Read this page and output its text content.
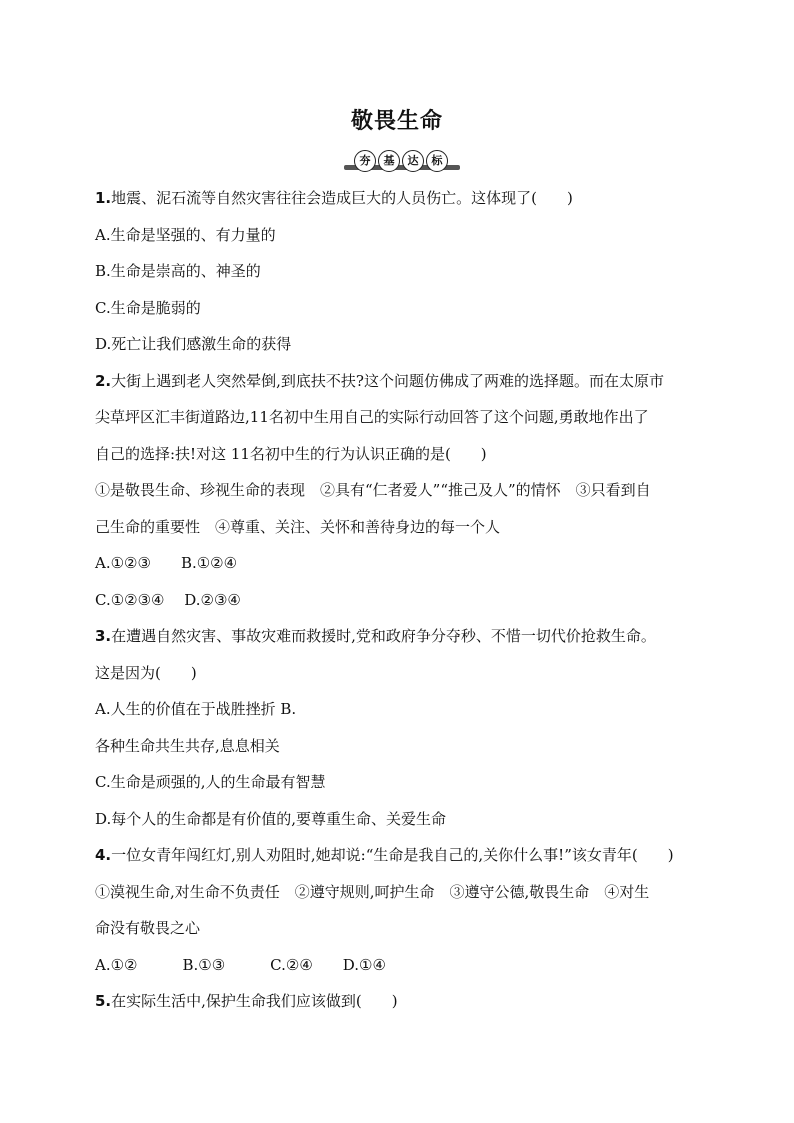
敬畏生命
夯	基	达	标
1.地震、泥石流等自然灾害往往会造成巨大的人员伤亡。这体现了(　　)
A.生命是坚强的、有力量的
B.生命是崇高的、神圣的
C.生命是脆弱的
D.死亡让我们感激生命的获得
2.大街上遇到老人突然晕倒,到底扶不扶?这个问题仿佛成了两难的选择题。而在太原市
尖草坪区汇丰街道路边,11名初中生用自己的实际行动回答了这个问题,勇敢地作出了
自己的选择:扶!对这 11名初中生的行为认识正确的是(　　)
①是敬畏生命、珍视生命的表现　②具有“仁者爱人”“推己及人”的情怀　③只看到自
己生命的重要性　④尊重、关注、关怀和善待身边的每一个人
A.①②③　　B.①②④
C.①②③④　 D.②③④
3.在遭遇自然灾害、事故灾难而救援时,党和政府争分夺秒、不惜一切代价抢救生命。
这是因为(　　)
A.人生的价值在于战胜挫折 B.
各种生命共生共存,息息相关
C.生命是顽强的,人的生命最有智慧
D.每个人的生命都是有价值的,要尊重生命、关爱生命
4.一位女青年闯红灯,别人劝阻时,她却说:“生命是我自己的,关你什么事!”该女青年(　　)
①漠视生命,对生命不负责任　②遵守规则,呵护生命　③遵守公德,敬畏生命　④对生
命没有敬畏之心
A.①②　　　B.①③　　　C.②④　　D.①④
5.在实际生活中,保护生命我们应该做到(　　)
